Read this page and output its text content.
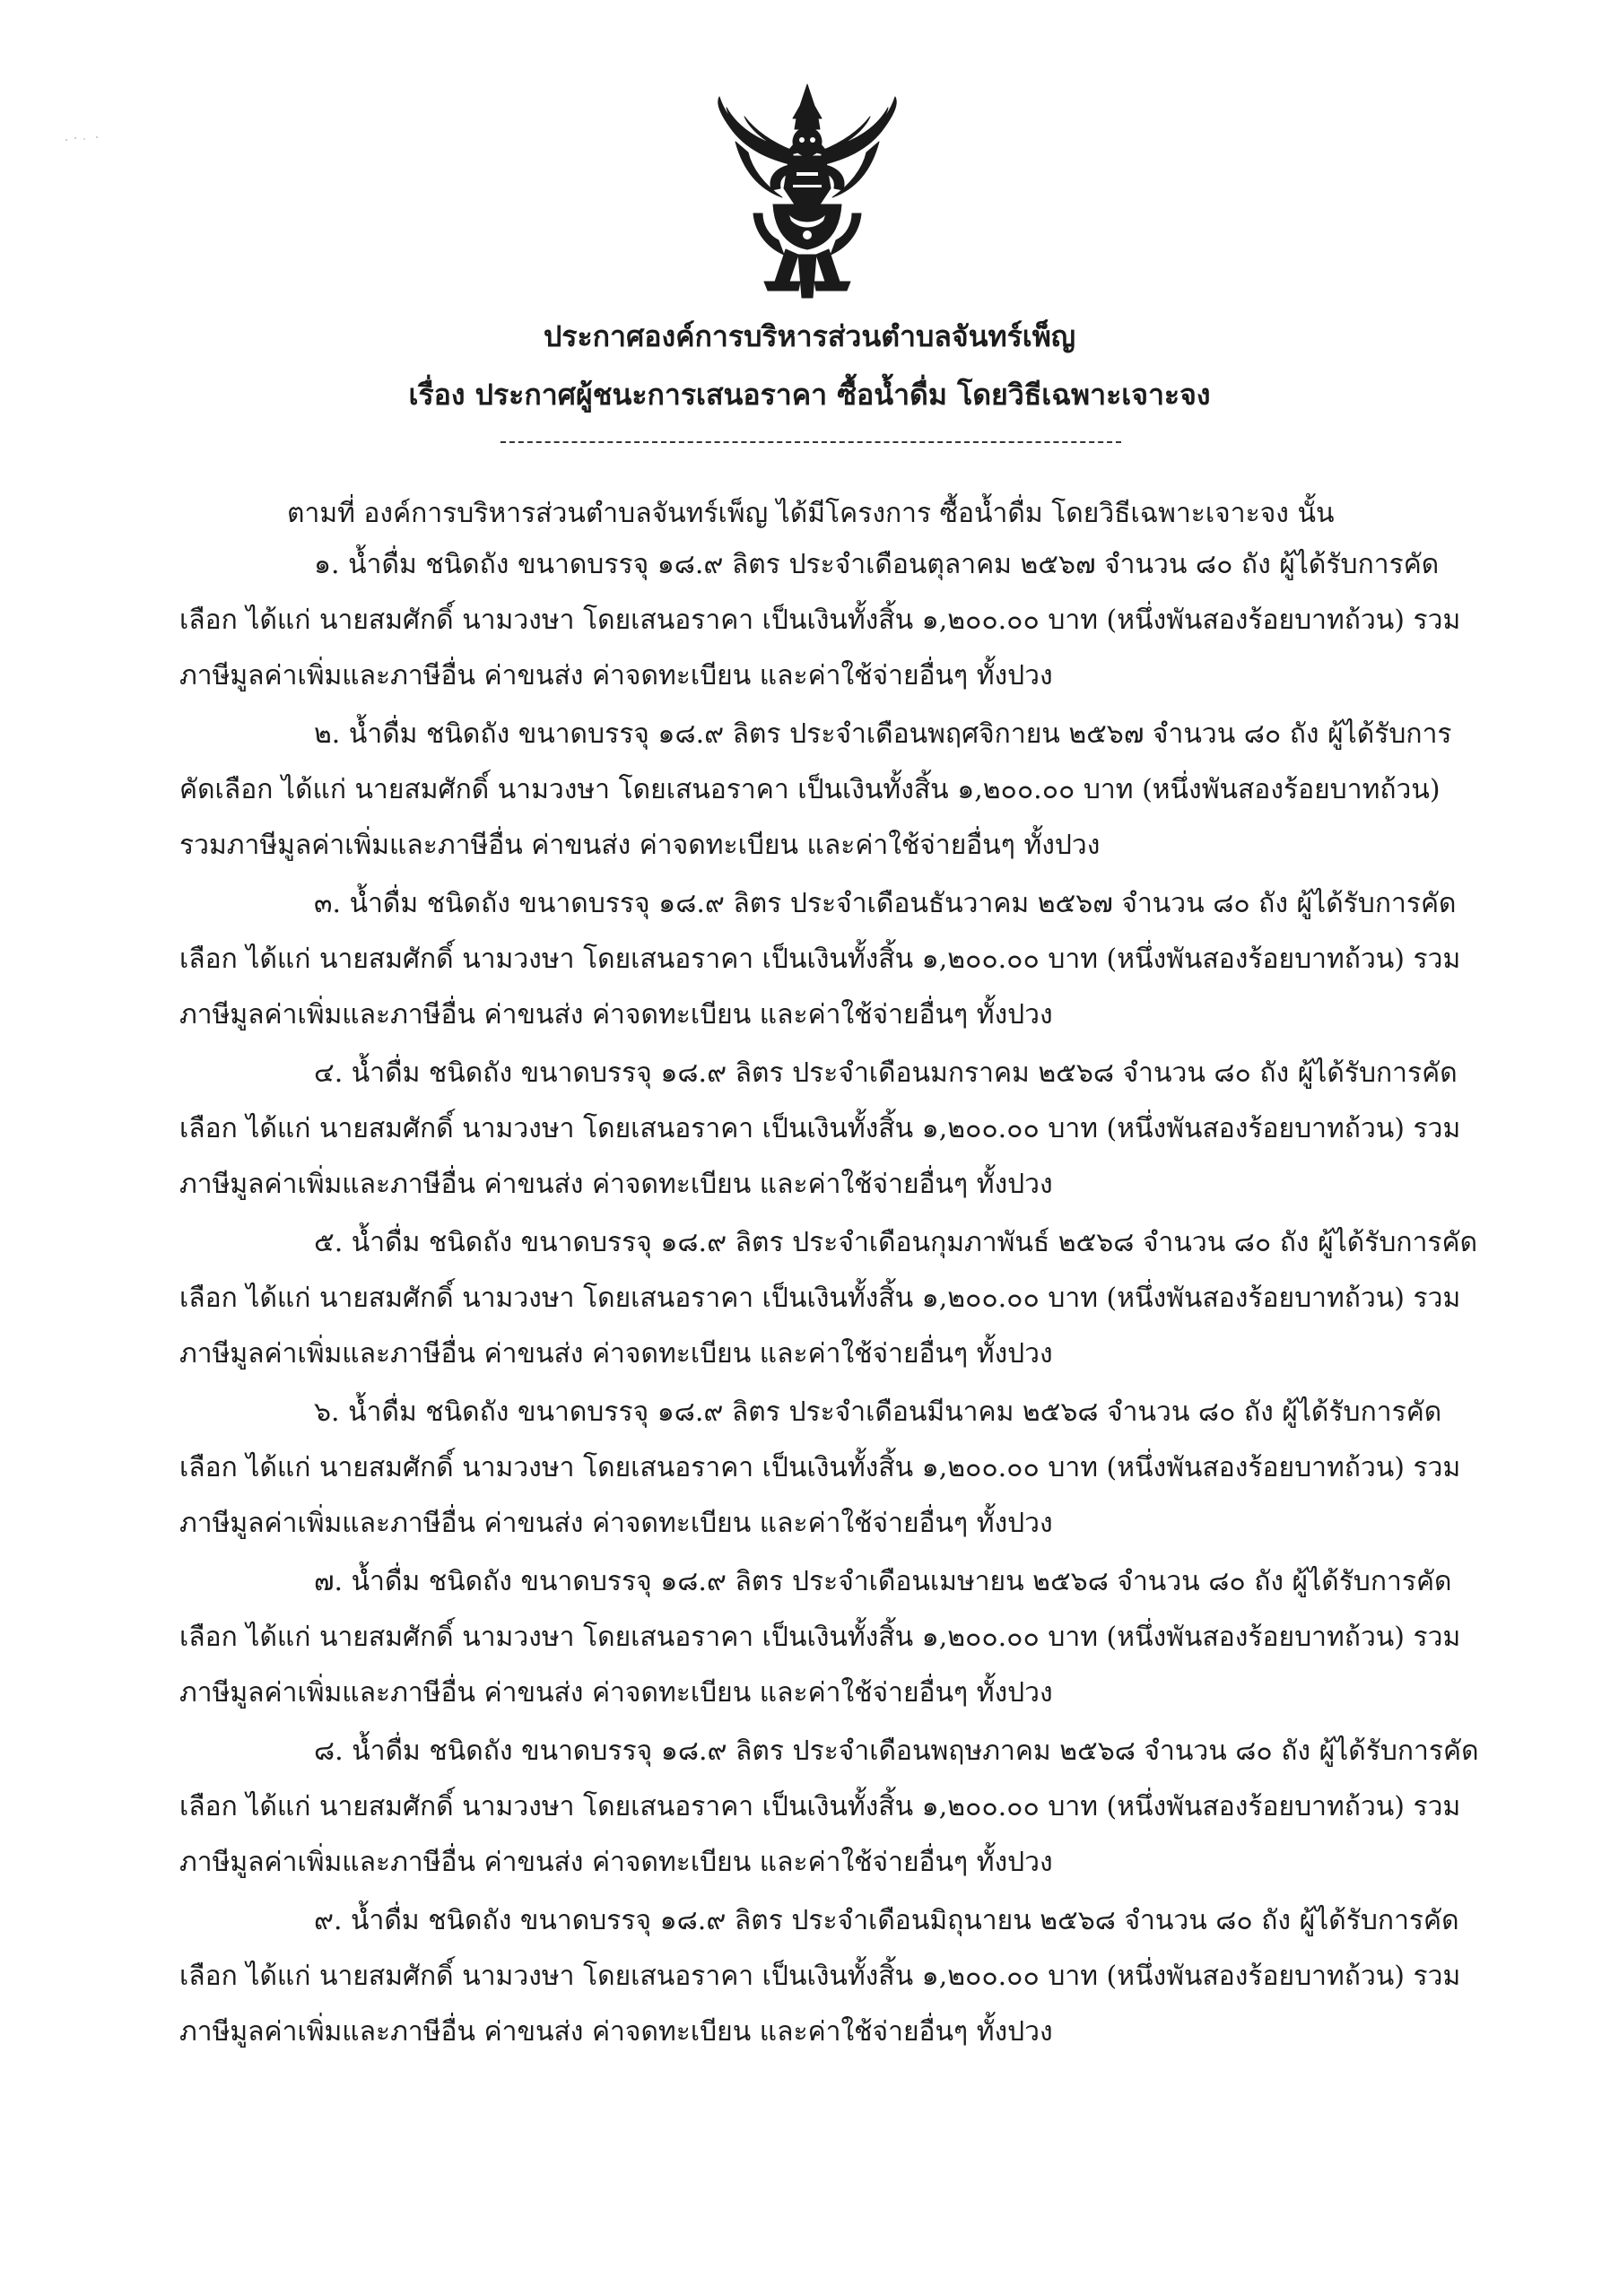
ประกาศองค์การบริหารส่วนตำบลจันทร์เพ็ญ
เรื่อง ประกาศผู้ชนะการเสนอราคา ซื้อน้ำดื่ม โดยวิธีเฉพาะเจาะจง
ตามที่ องค์การบริหารส่วนตำบลจันทร์เพ็ญ ได้มีโครงการ ซื้อน้ำดื่ม โดยวิธีเฉพาะเจาะจง นั้น
๑. น้ำดื่ม ชนิดถัง ขนาดบรรจุ ๑๘.๙ ลิตร ประจำเดือนตุลาคม ๒๕๖๗ จำนวน ๘๐ ถัง ผู้ได้รับการคัด
เลือก ได้แก่ นายสมศักดิ์ นามวงษา โดยเสนอราคา เป็นเงินทั้งสิ้น ๑,๒๐๐.๐๐ บาท (หนึ่งพันสองร้อยบาทถ้วน) รวม
ภาษีมูลค่าเพิ่มและภาษีอื่น ค่าขนส่ง ค่าจดทะเบียน และค่าใช้จ่ายอื่นๆ ทั้งปวง
๒. น้ำดื่ม ชนิดถัง ขนาดบรรจุ ๑๘.๙ ลิตร ประจำเดือนพฤศจิกายน ๒๕๖๗ จำนวน ๘๐ ถัง ผู้ได้รับการ
คัดเลือก ได้แก่ นายสมศักดิ์ นามวงษา โดยเสนอราคา เป็นเงินทั้งสิ้น ๑,๒๐๐.๐๐ บาท (หนึ่งพันสองร้อยบาทถ้วน)
รวมภาษีมูลค่าเพิ่มและภาษีอื่น ค่าขนส่ง ค่าจดทะเบียน และค่าใช้จ่ายอื่นๆ ทั้งปวง
๓. น้ำดื่ม ชนิดถัง ขนาดบรรจุ ๑๘.๙ ลิตร ประจำเดือนธันวาคม ๒๕๖๗ จำนวน ๘๐ ถัง ผู้ได้รับการคัด
เลือก ได้แก่ นายสมศักดิ์ นามวงษา โดยเสนอราคา เป็นเงินทั้งสิ้น ๑,๒๐๐.๐๐ บาท (หนึ่งพันสองร้อยบาทถ้วน) รวม
ภาษีมูลค่าเพิ่มและภาษีอื่น ค่าขนส่ง ค่าจดทะเบียน และค่าใช้จ่ายอื่นๆ ทั้งปวง
๔. น้ำดื่ม ชนิดถัง ขนาดบรรจุ ๑๘.๙ ลิตร ประจำเดือนมกราคม ๒๕๖๘ จำนวน ๘๐ ถัง ผู้ได้รับการคัด
เลือก ได้แก่ นายสมศักดิ์ นามวงษา โดยเสนอราคา เป็นเงินทั้งสิ้น ๑,๒๐๐.๐๐ บาท (หนึ่งพันสองร้อยบาทถ้วน) รวม
ภาษีมูลค่าเพิ่มและภาษีอื่น ค่าขนส่ง ค่าจดทะเบียน และค่าใช้จ่ายอื่นๆ ทั้งปวง
๕. น้ำดื่ม ชนิดถัง ขนาดบรรจุ ๑๘.๙ ลิตร ประจำเดือนกุมภาพันธ์ ๒๕๖๘ จำนวน ๘๐ ถัง ผู้ได้รับการคัด
เลือก ได้แก่ นายสมศักดิ์ นามวงษา โดยเสนอราคา เป็นเงินทั้งสิ้น ๑,๒๐๐.๐๐ บาท (หนึ่งพันสองร้อยบาทถ้วน) รวม
ภาษีมูลค่าเพิ่มและภาษีอื่น ค่าขนส่ง ค่าจดทะเบียน และค่าใช้จ่ายอื่นๆ ทั้งปวง
๖. น้ำดื่ม ชนิดถัง ขนาดบรรจุ ๑๘.๙ ลิตร ประจำเดือนมีนาคม ๒๕๖๘ จำนวน ๘๐ ถัง ผู้ได้รับการคัด
เลือก ได้แก่ นายสมศักดิ์ นามวงษา โดยเสนอราคา เป็นเงินทั้งสิ้น ๑,๒๐๐.๐๐ บาท (หนึ่งพันสองร้อยบาทถ้วน) รวม
ภาษีมูลค่าเพิ่มและภาษีอื่น ค่าขนส่ง ค่าจดทะเบียน และค่าใช้จ่ายอื่นๆ ทั้งปวง
๗. น้ำดื่ม ชนิดถัง ขนาดบรรจุ ๑๘.๙ ลิตร ประจำเดือนเมษายน ๒๕๖๘ จำนวน ๘๐ ถัง ผู้ได้รับการคัด
เลือก ได้แก่ นายสมศักดิ์ นามวงษา โดยเสนอราคา เป็นเงินทั้งสิ้น ๑,๒๐๐.๐๐ บาท (หนึ่งพันสองร้อยบาทถ้วน) รวม
ภาษีมูลค่าเพิ่มและภาษีอื่น ค่าขนส่ง ค่าจดทะเบียน และค่าใช้จ่ายอื่นๆ ทั้งปวง
๘. น้ำดื่ม ชนิดถัง ขนาดบรรจุ ๑๘.๙ ลิตร ประจำเดือนพฤษภาคม ๒๕๖๘ จำนวน ๘๐ ถัง ผู้ได้รับการคัด
เลือก ได้แก่ นายสมศักดิ์ นามวงษา โดยเสนอราคา เป็นเงินทั้งสิ้น ๑,๒๐๐.๐๐ บาท (หนึ่งพันสองร้อยบาทถ้วน) รวม
ภาษีมูลค่าเพิ่มและภาษีอื่น ค่าขนส่ง ค่าจดทะเบียน และค่าใช้จ่ายอื่นๆ ทั้งปวง
๙. น้ำดื่ม ชนิดถัง ขนาดบรรจุ ๑๘.๙ ลิตร ประจำเดือนมิถุนายน ๒๕๖๘ จำนวน ๘๐ ถัง ผู้ได้รับการคัด
เลือก ได้แก่ นายสมศักดิ์ นามวงษา โดยเสนอราคา เป็นเงินทั้งสิ้น ๑,๒๐๐.๐๐ บาท (หนึ่งพันสองร้อยบาทถ้วน) รวม
ภาษีมูลค่าเพิ่มและภาษีอื่น ค่าขนส่ง ค่าจดทะเบียน และค่าใช้จ่ายอื่นๆ ทั้งปวง
